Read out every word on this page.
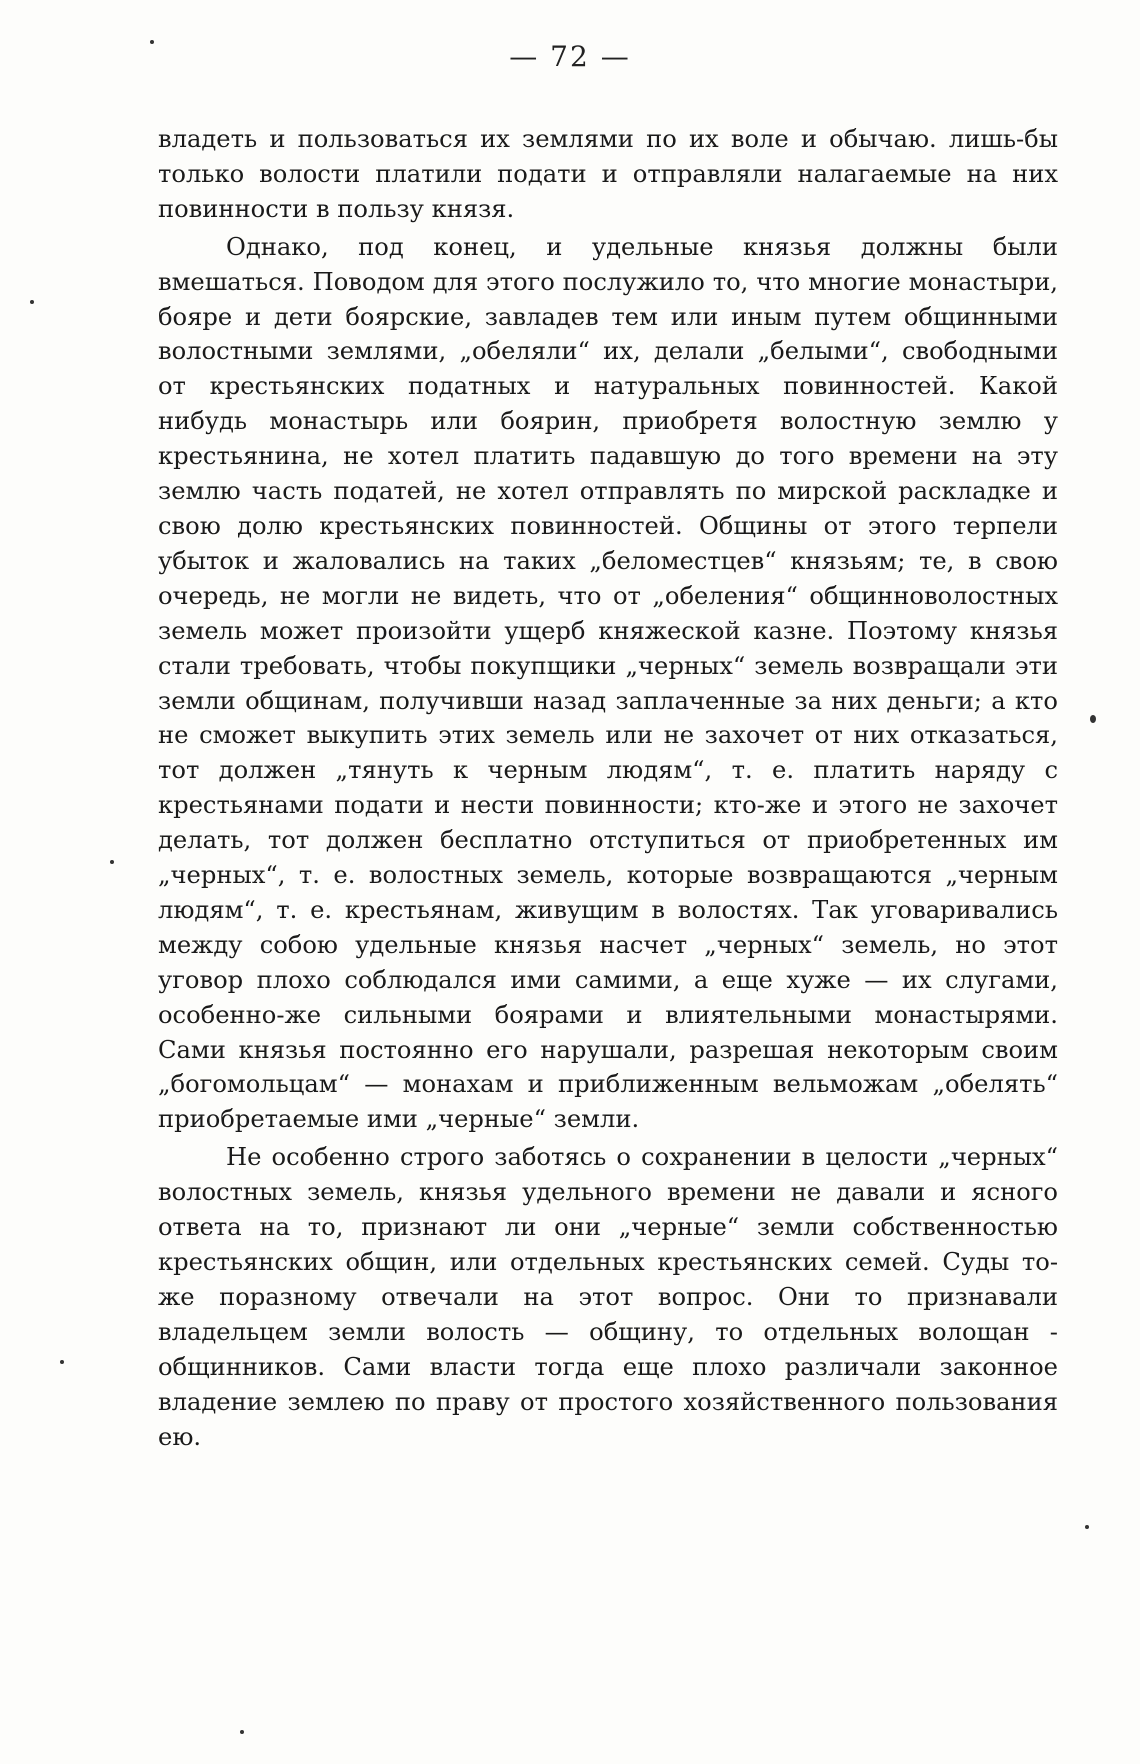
— 72 —

владеть и пользоваться их землями по их воле и обычаю. лишь-бы только волости платили подати и отправляли налагаемые на них повинности в пользу князя.

Однако, под конец, и удельные князья должны были вмешаться. Поводом для этого послужило то, что многие монастыри, бояре и дети боярские, завладев тем или иным путем общинными волостными землями, „обеляли“ их, делали „белыми“, свободными от крестьянских податных и натуральных повинностей. Какой нибудь монастырь или боярин, приобретя волостную землю у крестьянина, не хотел платить падавшую до того времени на эту землю часть податей, не хотел отправлять по мирской раскладке и свою долю крестьянских повинностей. Общины от этого терпели убыток и жаловались на таких „беломестцев“ князьям; те, в свою очередь, не могли не видеть, что от „обеления“ общинноволостных земель может произойти ущерб княжеской казне. Поэтому князья стали требовать, чтобы покупщики „черных“ земель возвращали эти земли общинам, получивши назад заплаченные за них деньги; а кто не сможет выкупить этих земель или не захочет от них отказаться, тот должен „тянуть к черным людям“, т. е. платить наряду с крестьянами подати и нести повинности; кто-же и этого не захочет делать, тот должен бесплатно отступиться от приобретенных им „черных“, т. е. волостных земель, которые возвращаются „черным людям“, т. е. крестьянам, живущим в волостях. Так уговаривались между собою удельные князья насчет „черных“ земель, но этот уговор плохо соблюдался ими самими, а еще хуже — их слугами, особенно-же сильными боярами и влиятельными монастырями. Сами князья постоянно его нарушали, разрешая некоторым своим „богомольцам“ — монахам и приближенным вельможам „обелять“ приобретаемые ими „черные“ земли.

Не особенно строго заботясь о сохранении в целости „черных“ волостных земель, князья удельного времени не давали и ясного ответа на то, признают ли они „черные“ земли собственностью крестьянских общин, или отдельных крестьянских семей. Суды то-же поразному отвечали на этот вопрос. Они то признавали владельцем земли волость — общину, то отдельных волощан - общинников. Сами власти тогда еще плохо различали законное владение землею по праву от простого хозяйственного пользования ею.
